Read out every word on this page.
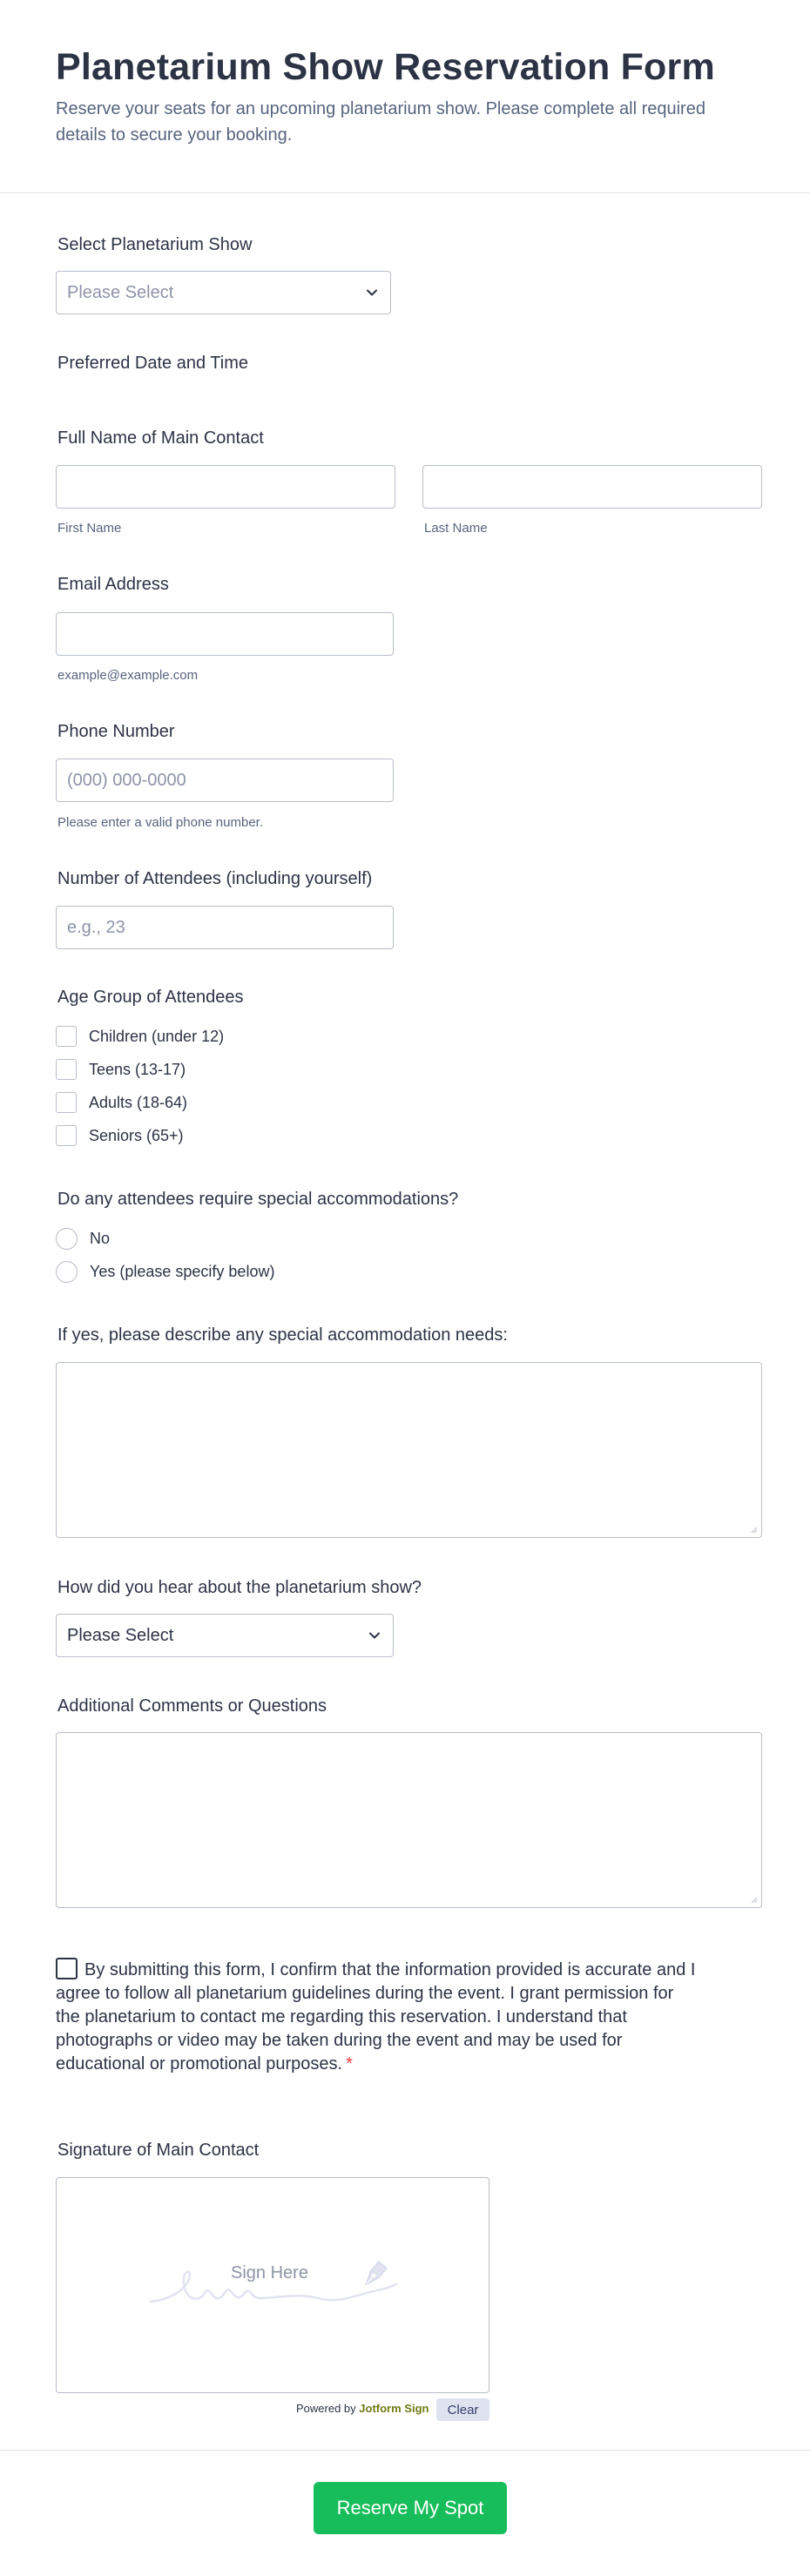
Planetarium Show Reservation Form

Reserve your seats for an upcoming planetarium show. Please complete all required details to secure your booking.

Select Planetarium Show
Please Select
Preferred Date and Time
Full Name of Main Contact
First Name	Last Name
Email Address
example@example.com
Phone Number
(000) 000-0000
Please enter a valid phone number.
Number of Attendees (including yourself)
e.g., 23
Age Group of Attendees
Children (under 12)
Teens (13-17)
Adults (18-64)
Seniors (65+)
Do any attendees require special accommodations?
No
Yes (please specify below)
If yes, please describe any special accommodation needs:
How did you hear about the planetarium show?
Please Select
Additional Comments or Questions
By submitting this form, I confirm that the information provided is accurate and I agree to follow all planetarium guidelines during the event. I grant permission for the planetarium to contact me regarding this reservation. I understand that photographs or video may be taken during the event and may be used for educational or promotional purposes. *
Signature of Main Contact
Sign Here
Powered by Jotform Sign	Clear
Reserve My Spot
